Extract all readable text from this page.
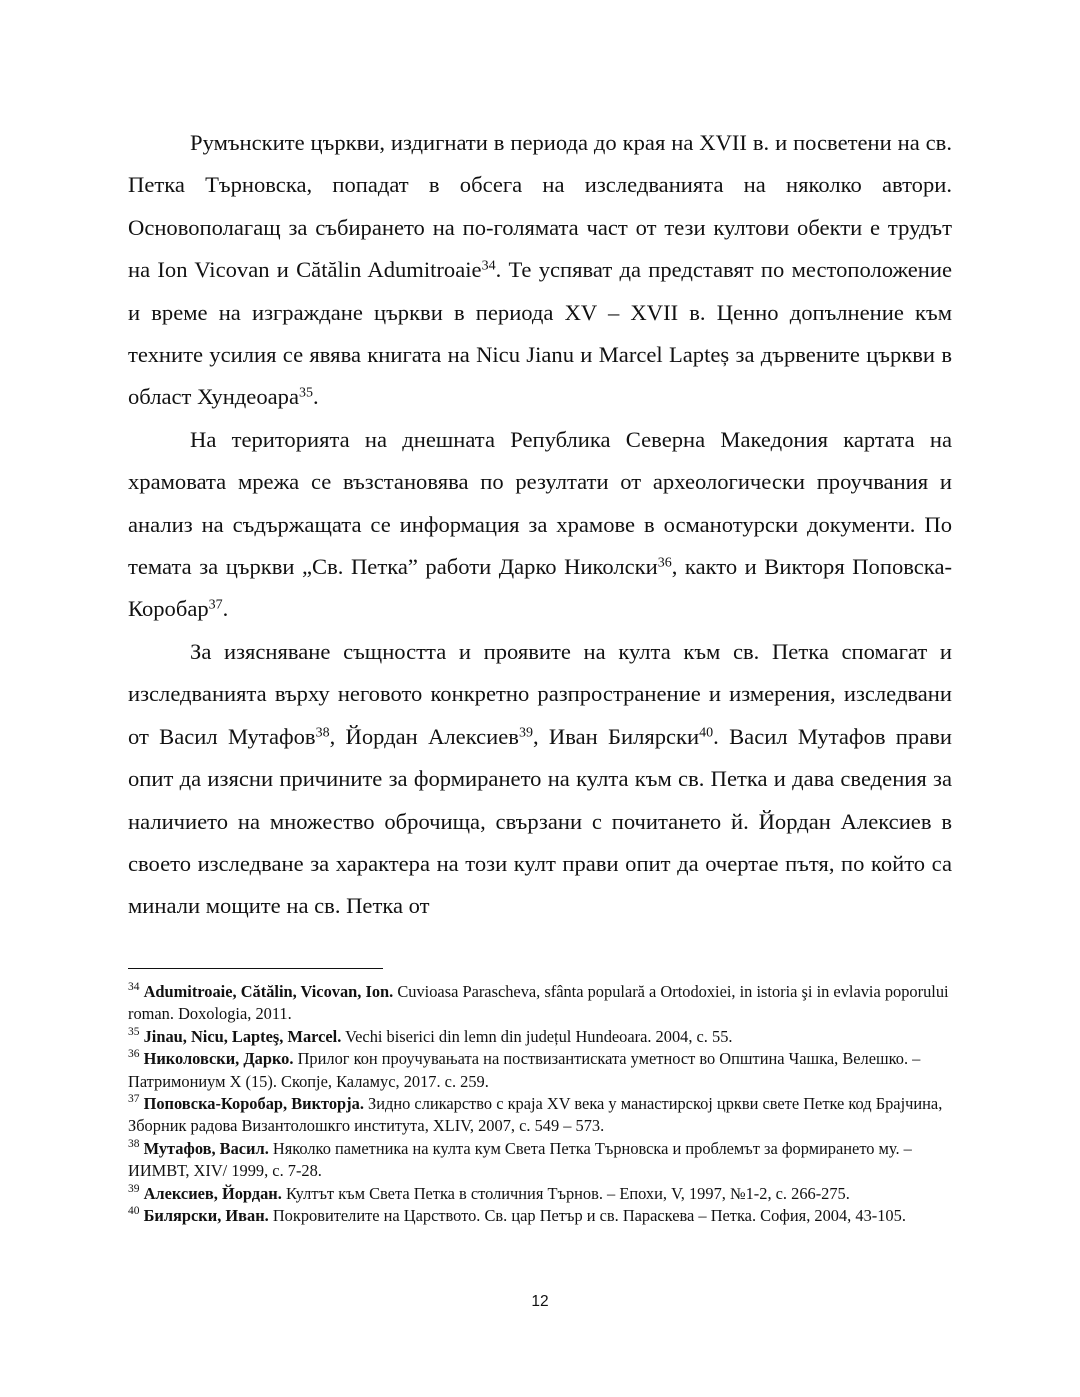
Румънските църкви, издигнати в периода до края на XVII в. и посветени на св. Петка Търновска, попадат в обсега на изследванията на няколко автори. Основополагащ за събирането на по-голямата част от тези култови обекти е трудът на Ion Vicovan и Cătălin Adumitroaie$^{34}$. Те успяват да представят по местоположение и време на изграждане църкви в периода XV – XVII в. Ценно допълнение към техните усилия се явява книгата на Nicu Jianu и Marcel Lapteș за дървените църкви в област Хундеоара$^{35}$.

На територията на днешната Република Северна Македония картата на храмовата мрежа се възстановява по резултати от археологически проучвания и анализ на съдържащата се информация за храмове в османотурски документи. По темата за църкви „Св. Петка” работи Дарко Николски$^{36}$, както и Викторя Поповска-Коробар$^{37}$.

За изясняване същността и проявите на култа към св. Петка спомагат и изследванията върху неговото конкретно разпространение и измерения, изследвани от Васил Мутафов$^{38}$, Йордан Алексиев$^{39}$, Иван Билярски$^{40}$. Васил Мутафов прави опит да изясни причините за формирането на култа към св. Петка и дава сведения за наличието на множество оброчища, свързани с почитането й. Йордан Алексиев в своето изследване за характера на този култ прави опит да очертае пътя, по който са минали мощите на св. Петка от

$^{34}$ Adumitroaie, Cătălin, Vicovan, Ion. Cuvioasa Parascheva, sfânta populară a Ortodoxiei, in istoria şi in evlavia poporului roman. Doxologia, 2011.

$^{35}$ Jinau, Nicu, Lapteş, Marcel. Vechi biserici din lemn din județul Hundeoara. 2004, с. 55.

$^{36}$ Николовски, Дарко. Прилог кон проучувањата на поствизантиската уметност во Општина Чашка, Велешко. – Патримониум X (15). Скопје, Каламус, 2017. с. 259.

$^{37}$ Поповска-Коробар, Викторја. Зидно сликарство с краја XV века у манастирској цркви свете Петке код Брајчина, Зборник радова Византолошкго института, XLIV, 2007, с. 549 – 573.

$^{38}$ Мутафов, Васил. Няколко паметника на култа кум Света Петка Търновска и проблемът за формирането му. – ИИМВТ, XIV/ 1999, с. 7-28.

$^{39}$ Алексиев, Йордан. Култът към Света Петка в столичния Търнов. – Епохи, V, 1997, №1-2, с. 266-275.

$^{40}$ Билярски, Иван. Покровителите на Царството. Св. цар Петър и св. Параскева – Петка. София, 2004, 43-105.

12
